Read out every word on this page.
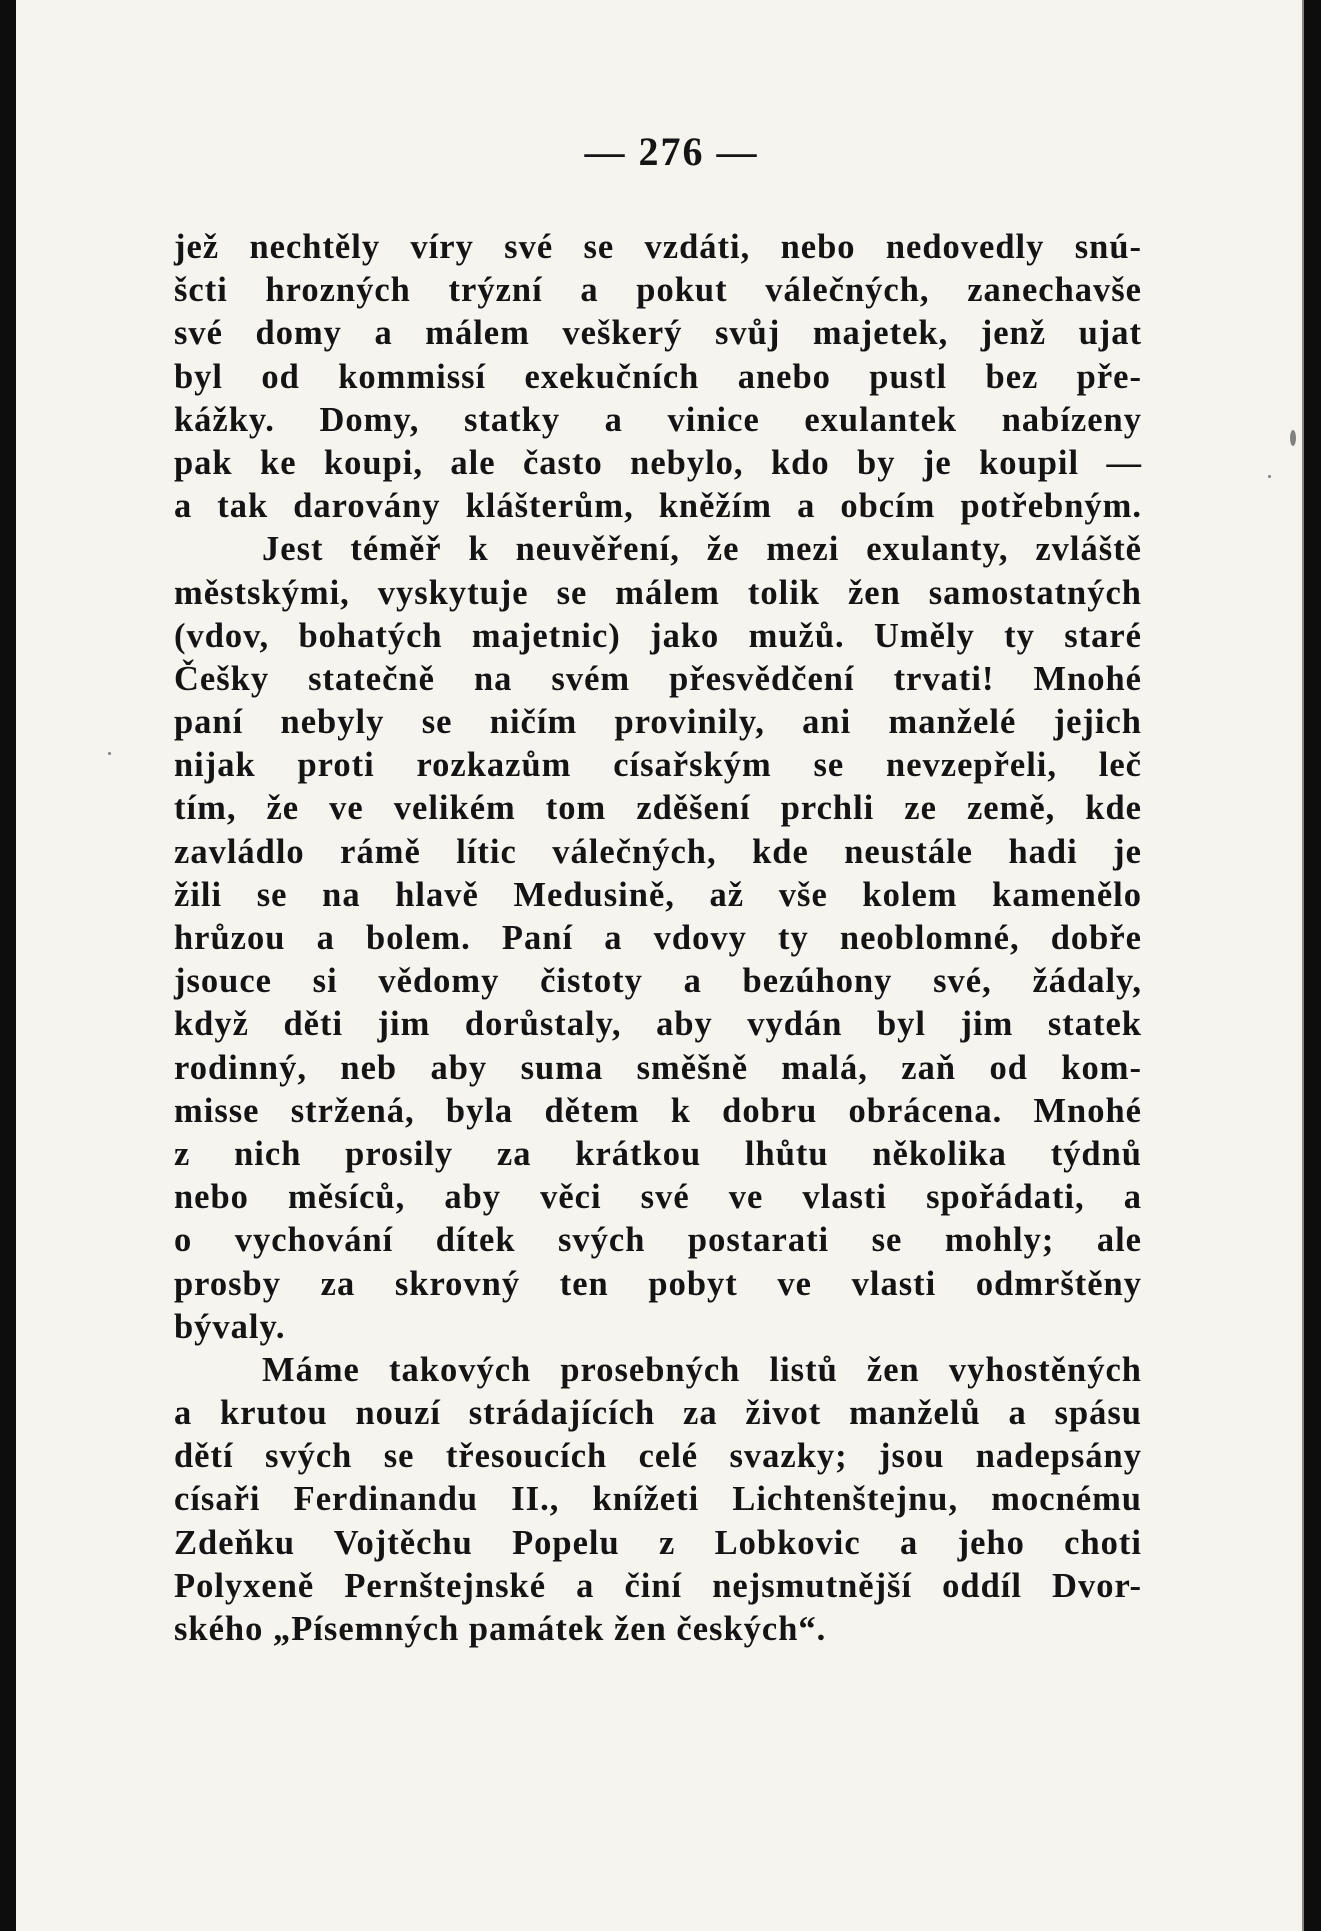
— 276 —
jež nechtěly víry své se vzdáti, nebo nedovedly snú-
šcti hrozných trýzní a pokut válečných, zanechavše
své domy a málem veškerý svůj majetek, jenž ujat
byl od kommissí exekučních anebo pustl bez pře-
kážky. Domy, statky a vinice exulantek nabízeny
pak ke koupi, ale často nebylo, kdo by je koupil —
a tak darovány klášterům, kněžím a obcím potřebným.
Jest téměř k neuvěření, že mezi exulanty, zvláště
městskými, vyskytuje se málem tolik žen samostatných
(vdov, bohatých majetnic) jako mužů. Uměly ty staré
Češky statečně na svém přesvědčení trvati! Mnohé
paní nebyly se ničím provinily, ani manželé jejich
nijak proti rozkazům císařským se nevzepřeli, leč
tím, že ve velikém tom zděšení prchli ze země, kde
zavládlo rámě lític válečných, kde neustále hadi je
žili se na hlavě Medusině, až vše kolem kamenělo
hrůzou a bolem. Paní a vdovy ty neoblomné, dobře
jsouce si vědomy čistoty a bezúhony své, žádaly,
když děti jim dorůstaly, aby vydán byl jim statek
rodinný, neb aby suma směšně malá, zaň od kom-
misse stržená, byla dětem k dobru obrácena. Mnohé
z nich prosily za krátkou lhůtu několika týdnů
nebo měsíců, aby věci své ve vlasti spořádati, a
o vychování dítek svých postarati se mohly; ale
prosby za skrovný ten pobyt ve vlasti odmrštěny
bývaly.
Máme takových prosebných listů žen vyhostěných
a krutou nouzí strádajících za život manželů a spásu
dětí svých se třesoucích celé svazky; jsou nadepsány
císaři Ferdinandu II., knížeti Lichtenštejnu, mocnému
Zdeňku Vojtěchu Popelu z Lobkovic a jeho choti
Polyxeně Pernštejnské a činí nejsmutnější oddíl Dvor-
ského „Písemných památek žen českých“.
